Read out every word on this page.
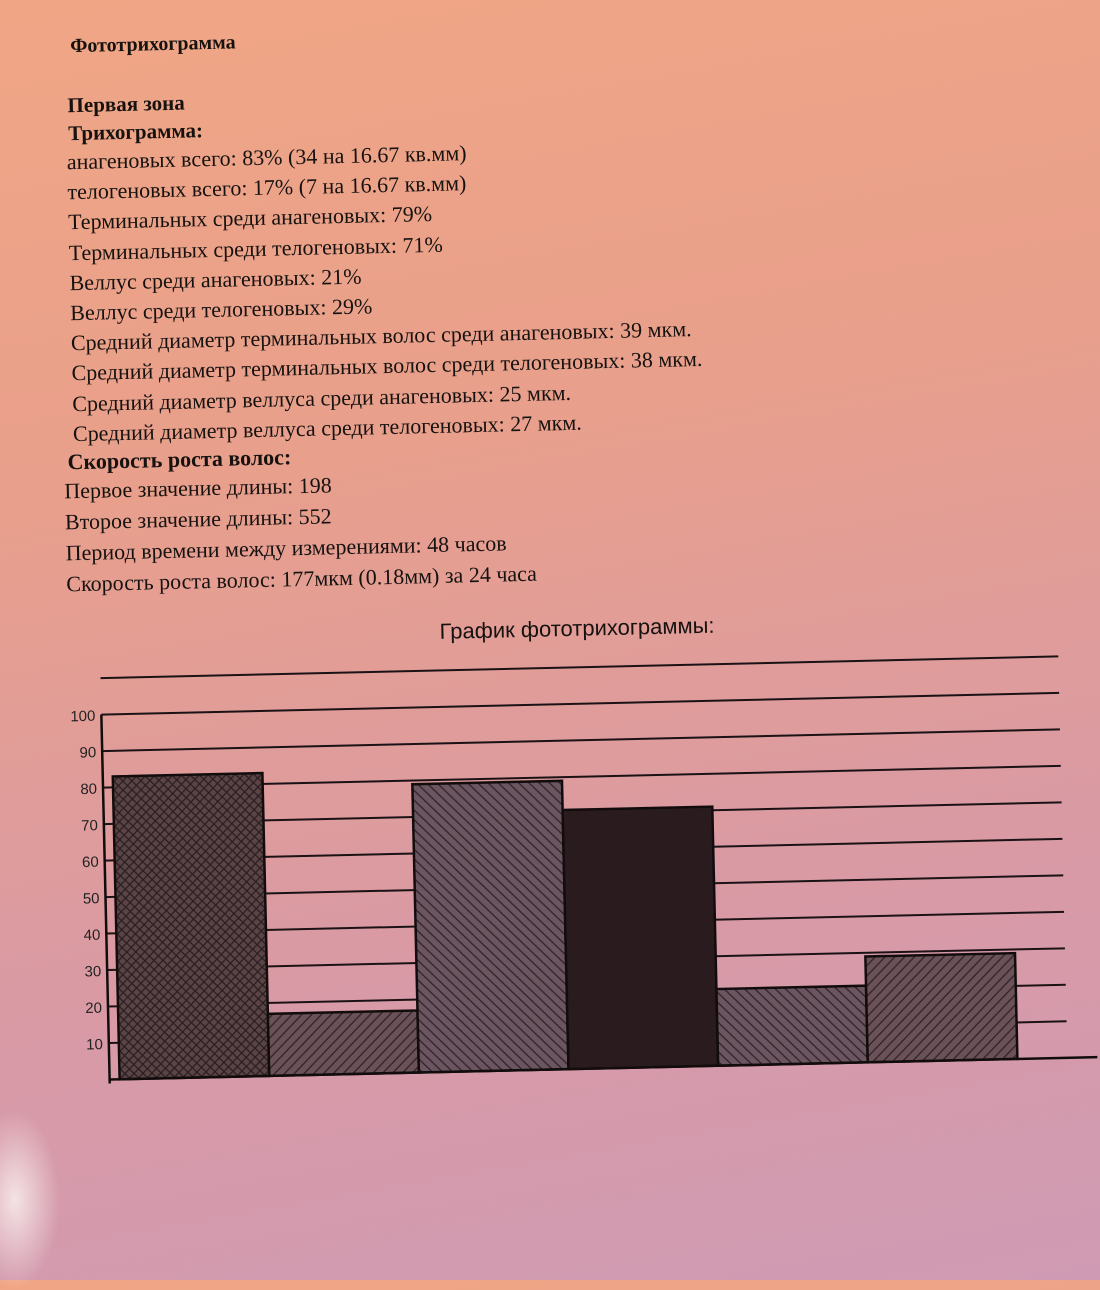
Фототрихограмма
Первая зона
Трихограмма:
анагеновых всего: 83% (34 на 16.67 кв.мм)
телогеновых всего: 17% (7 на 16.67 кв.мм)
Терминальных среди анагеновых: 79%
Терминальных среди телогеновых: 71%
Веллус среди анагеновых: 21%
Веллус среди телогеновых: 29%
Средний диаметр терминальных волос среди анагеновых: 39 мкм.
Средний диаметр терминальных волос среди телогеновых: 38 мкм.
Средний диаметр веллуса среди анагеновых: 25 мкм.
Средний диаметр веллуса среди телогеновых: 27 мкм.
Скорость роста волос:
Первое значение длины: 198
Второе значение длины: 552
Период времени между измерениями: 48 часов
Скорость роста волос: 177мкм (0.18мм) за 24 часа
График фототрихограммы:
10
20
30
40
50
60
70
80
90
100
